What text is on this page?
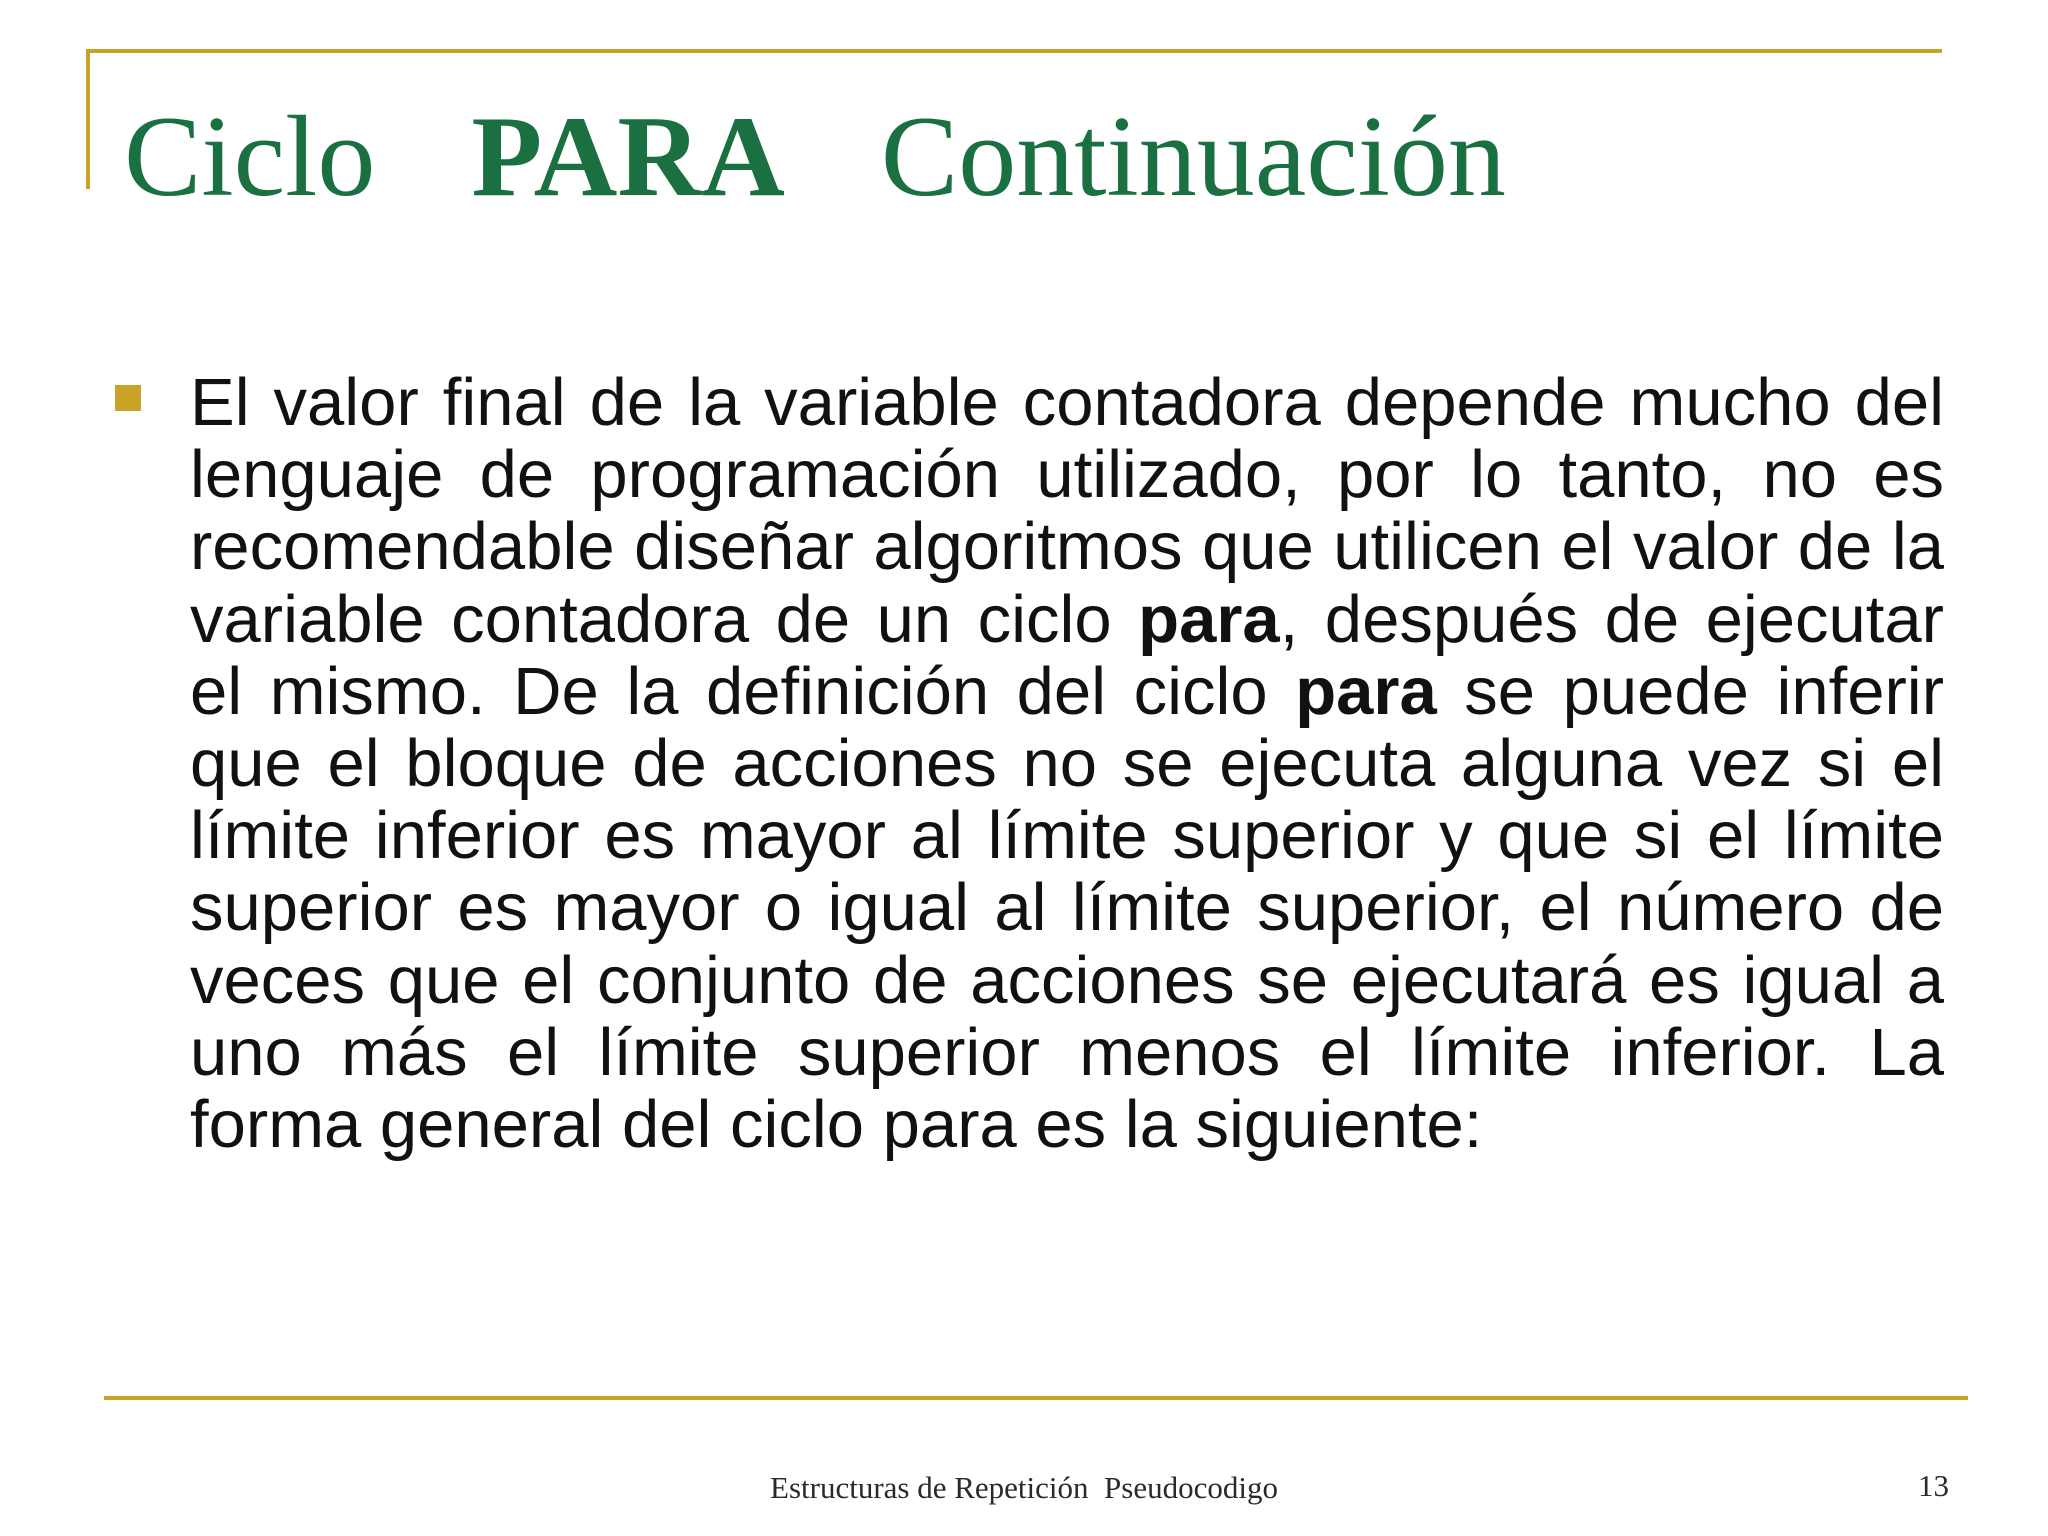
Ciclo PARA Continuación

El valor final de la variable contadora depende mucho del lenguaje de programación utilizado, por lo tanto, no es recomendable diseñar algoritmos que utilicen el valor de la variable contadora de un ciclo para, después de ejecutar el mismo. De la definición del ciclo para se puede inferir que el bloque de acciones no se ejecuta alguna vez si el límite inferior es mayor al límite superior y que si el límite superior es mayor o igual al límite superior, el número de veces que el conjunto de acciones se ejecutará es igual a uno más el límite superior menos el límite inferior. La forma general del ciclo para es la siguiente:

Estructuras de Repetición  Pseudocodigo	13
